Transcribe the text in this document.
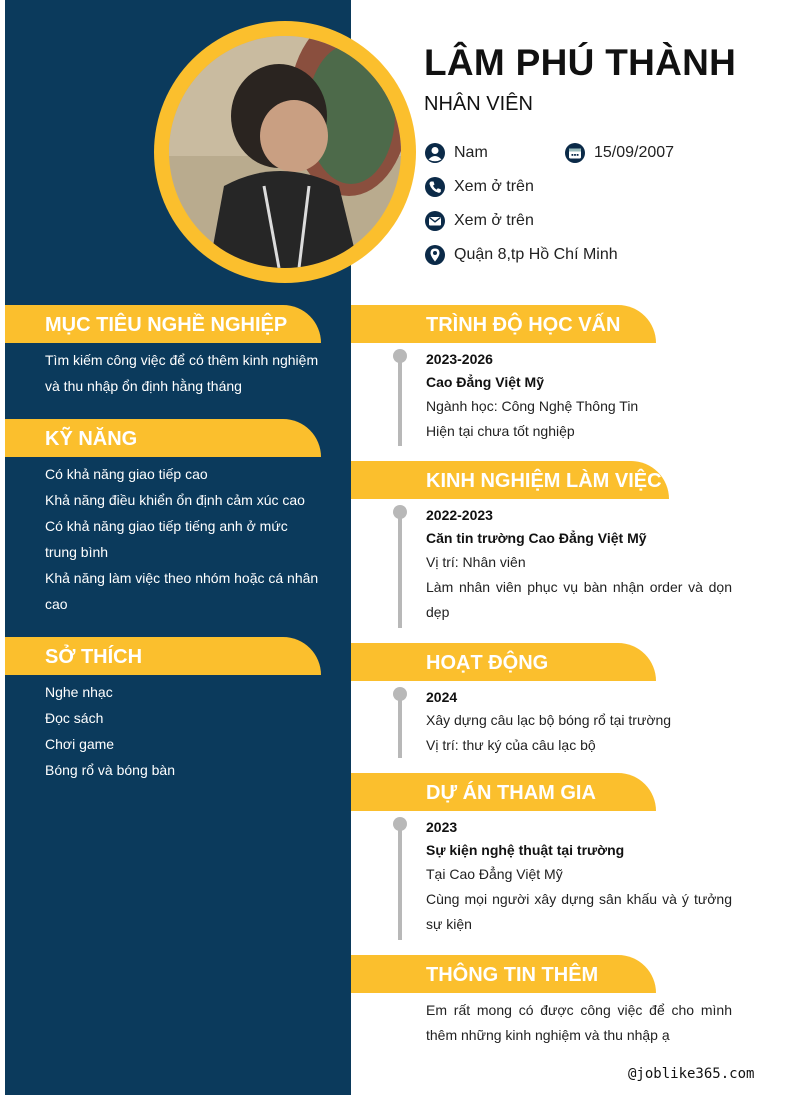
LÂM PHÚ THÀNH
NHÂN VIÊN
Nam	15/09/2007
Xem ở trên
Xem ở trên
Quận 8,tp Hồ Chí Minh
MỤC TIÊU NGHỀ NGHIỆP

Tìm kiếm công việc để có thêm kinh nghiệm và thu nhập ổn định hằng tháng

KỸ NĂNG

Có khả năng giao tiếp cao

Khả năng điều khiển ổn định cảm xúc cao

Có khả năng giao tiếp tiếng anh ở mức trung bình

Khả năng làm việc theo nhóm hoặc cá nhân cao

SỞ THÍCH

Nghe nhạc

Đọc sách

Chơi game

Bóng rổ và bóng bàn

TRÌNH ĐỘ HỌC VẤN
2023-2026
Cao Đẳng Việt Mỹ

Ngành học: Công Nghệ Thông Tin

Hiện tại chưa tốt nghiệp

KINH NGHIỆM LÀM VIỆC
2022-2023
Căn tin trường Cao Đẳng Việt Mỹ

Vị trí: Nhân viên

Làm nhân viên phục vụ bàn nhận order và dọn dẹp

HOẠT ĐỘNG
2024

Xây dựng câu lạc bộ bóng rổ tại trường

Vị trí: thư ký của câu lạc bộ

DỰ ÁN THAM GIA
2023
Sự kiện nghệ thuật tại trường

Tại Cao Đẳng Việt Mỹ

Cùng mọi người xây dựng sân khấu và ý tưởng sự kiện

THÔNG TIN THÊM

Em rất mong có được công việc để cho mình thêm những kinh nghiệm và thu nhập ạ

@joblike365.com
